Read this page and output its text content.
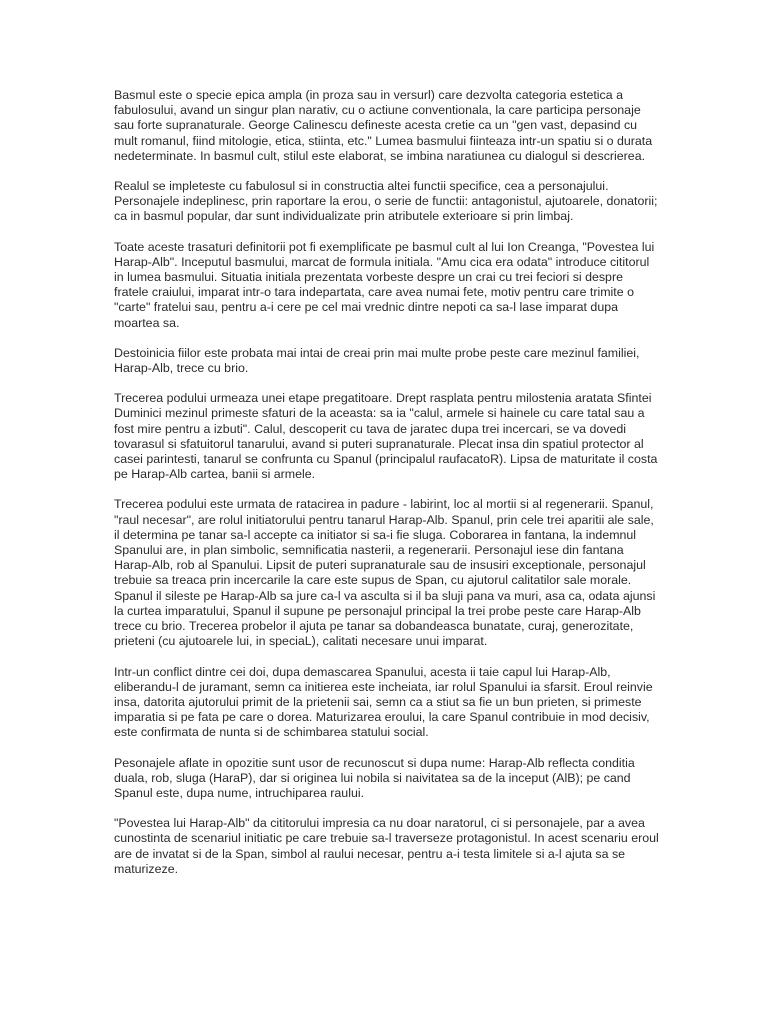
Basmul este o specie epica ampla (in proza sau in versurl) care dezvolta categoria estetica a fabulosului, avand un singur plan narativ, cu o actiune conventionala, la care participa personaje sau forte supranaturale. George Calinescu defineste acesta cretie ca un "gen vast, depasind cu mult romanul, fiind mitologie, etica, stiinta, etc." Lumea basmului fiinteaza intr-un spatiu si o durata nedeterminate. In basmul cult, stilul este elaborat, se imbina naratiunea cu dialogul si descrierea.

Realul se impleteste cu fabulosul si in constructia altei functii specifice, cea a personajului. Personajele indeplinesc, prin raportare la erou, o serie de functii: antagonistul, ajutoarele, donatorii; ca in basmul popular, dar sunt individualizate prin atributele exterioare si prin limbaj.

Toate aceste trasaturi definitorii pot fi exemplificate pe basmul cult al lui Ion Creanga, "Povestea lui Harap-Alb". Inceputul basmului, marcat de formula initiala. "Amu cica era odata" introduce cititorul in lumea basmului. Situatia initiala prezentata vorbeste despre un crai cu trei feciori si despre fratele craiului, imparat intr-o tara indepartata, care avea numai fete, motiv pentru care trimite o "carte" fratelui sau, pentru a-i cere pe cel mai vrednic dintre nepoti ca sa-l lase imparat dupa moartea sa.

Destoinicia fiilor este probata mai intai de creai prin mai multe probe peste care mezinul familiei, Harap-Alb, trece cu brio.

Trecerea podului urmeaza unei etape pregatitoare. Drept rasplata pentru milostenia aratata Sfintei Duminici mezinul primeste sfaturi de la aceasta: sa ia "calul, armele si hainele cu care tatal sau a fost mire pentru a izbuti". Calul, descoperit cu tava de jaratec dupa trei incercari, se va dovedi tovarasul si sfatuitorul tanarului, avand si puteri supranaturale. Plecat insa din spatiul protector al casei parintesti, tanarul se confrunta cu Spanul (principalul raufacatoR). Lipsa de maturitate il costa pe Harap-Alb cartea, banii si armele.

Trecerea podului este urmata de ratacirea in padure - labirint, loc al mortii si al regenerarii. Spanul, "raul necesar", are rolul initiatorului pentru tanarul Harap-Alb. Spanul, prin cele trei aparitii ale sale, il determina pe tanar sa-l accepte ca initiator si sa-i fie sluga. Coborarea in fantana, la indemnul Spanului are, in plan simbolic, semnificatia nasterii, a regenerarii. Personajul iese din fantana Harap-Alb, rob al Spanului. Lipsit de puteri supranaturale sau de insusiri exceptionale, personajul trebuie sa treaca prin incercarile la care este supus de Span, cu ajutorul calitatilor sale morale. Spanul il sileste pe Harap-Alb sa jure ca-l va asculta si il ba sluji pana va muri, asa ca, odata ajunsi la curtea imparatului, Spanul il supune pe personajul principal la trei probe peste care Harap-Alb trece cu brio. Trecerea probelor il ajuta pe tanar sa dobandeasca bunatate, curaj, generozitate, prieteni (cu ajutoarele lui, in speciaL), calitati necesare unui imparat.

Intr-un conflict dintre cei doi, dupa demascarea Spanului, acesta ii taie capul lui Harap-Alb, eliberandu-l de juramant, semn ca initierea este incheiata, iar rolul Spanului ia sfarsit. Eroul reinvie insa, datorita ajutorului primit de la prietenii sai, semn ca a stiut sa fie un bun prieten, si primeste imparatia si pe fata pe care o dorea. Maturizarea eroului, la care Spanul contribuie in mod decisiv, este confirmata de nunta si de schimbarea statului social.

Pesonajele aflate in opozitie sunt usor de recunoscut si dupa nume: Harap-Alb reflecta conditia duala, rob, sluga (HaraP), dar si originea lui nobila si naivitatea sa de la inceput (AlB); pe cand Spanul este, dupa nume, intruchiparea raului.

"Povestea lui Harap-Alb" da cititorului impresia ca nu doar naratorul, ci si personajele, par a avea cunostinta de scenariul initiatic pe care trebuie sa-l traverseze protagonistul. In acest scenariu eroul are de invatat si de la Span, simbol al raului necesar, pentru a-i testa limitele si a-l ajuta sa se maturizeze.
